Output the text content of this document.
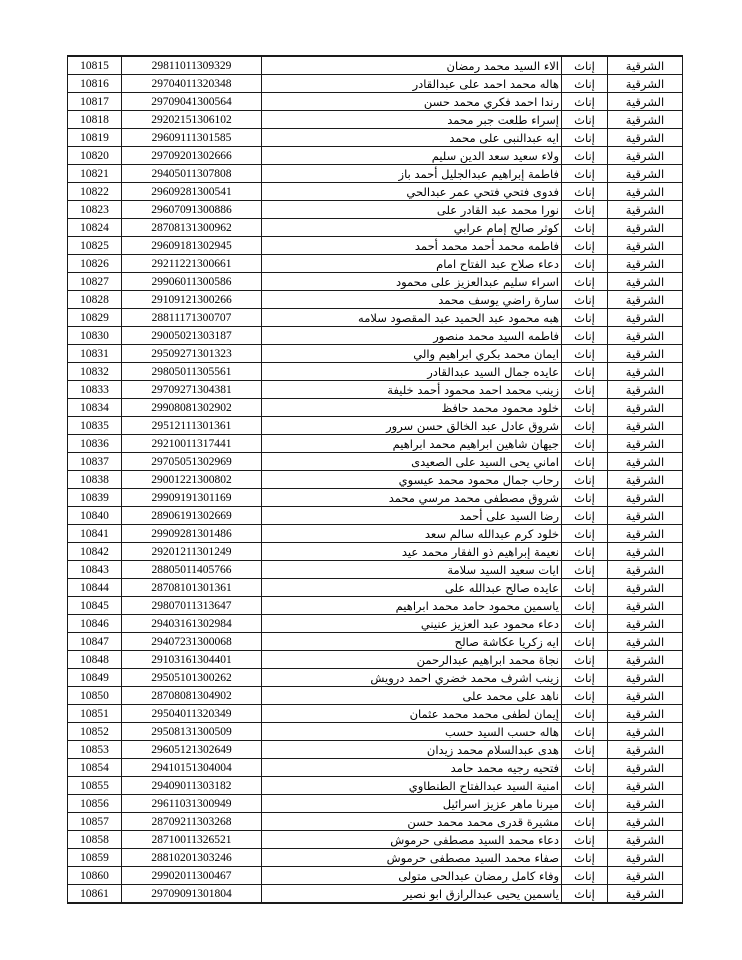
الشرقية	إناث	الاء السيد محمد رمضان	29811011309329	10815
الشرقية	إناث	هاله محمد احمد على عبدالقادر	29704011320348	10816
الشرقية	إناث	رندا احمد فكري محمد حسن	29709041300564	10817
الشرقية	إناث	إسراء طلعت جبر محمد	29202151306102	10818
الشرقية	إناث	ايه عبدالنبى على محمد	29609111301585	10819
الشرقية	إناث	ولاء سعيد سعد الدين سليم	29709201302666	10820
الشرقية	إناث	فاطمة إبراهيم عبدالجليل أحمد باز	29405011307808	10821
الشرقية	إناث	فدوى فتحي فتحي عمر عبدالحي	29609281300541	10822
الشرقية	إناث	نورا محمد عبد القادر على	29607091300886	10823
الشرقية	إناث	كوثر صالح إمام عرابي	28708131300962	10824
الشرقية	إناث	فاطمه محمد أحمد محمد أحمد	29609181302945	10825
الشرقية	إناث	دعاء صلاح عبد الفتاح امام	29211221300661	10826
الشرقية	إناث	اسراء سليم عبدالعزيز على محمود	29906011300586	10827
الشرقية	إناث	سارة راضي يوسف محمد	29109121300266	10828
الشرقية	إناث	هبه محمود عبد الحميد عبد المقصود سلامه	28811171300707	10829
الشرقية	إناث	فاطمه السيد محمد منصور	29005021303187	10830
الشرقية	إناث	ايمان محمد بكري ابراهيم والي	29509271301323	10831
الشرقية	إناث	عايده جمال السيد عبدالقادر	29805011305561	10832
الشرقية	إناث	زينب محمد احمد محمود أحمد خليفة	29709271304381	10833
الشرقية	إناث	خلود محمود محمد حافظ	29908081302902	10834
الشرقية	إناث	شروق عادل عبد الخالق حسن سرور	29512111301361	10835
الشرقية	إناث	جيهان شاهين ابراهيم محمد ابراهيم	29210011317441	10836
الشرقية	إناث	اماني يحى السيد على الصعيدى	29705051302969	10837
الشرقية	إناث	رحاب جمال محمود محمد عيسوي	29001221300802	10838
الشرقية	إناث	شروق مصطفى محمد مرسي محمد	29909191301169	10839
الشرقية	إناث	رضا السيد على أحمد	28906191302669	10840
الشرقية	إناث	خلود كرم عبدالله سالم سعد	29909281301486	10841
الشرقية	إناث	نعيمة إبراهيم ذو الفقار محمد عيد	29201211301249	10842
الشرقية	إناث	ايات سعيد السيد سلامة	28805011405766	10843
الشرقية	إناث	عايده صالح عبدالله على	28708101301361	10844
الشرقية	إناث	ياسمين محمود حامد محمد ابراهيم	29807011313647	10845
الشرقية	إناث	دعاء محمود عبد العزيز عنيني	29403161302984	10846
الشرقية	إناث	ايه زكريا عكاشة صالح	29407231300068	10847
الشرقية	إناث	نجاة محمد ابراهيم عبدالرحمن	29103161304401	10848
الشرقية	إناث	زينب اشرف محمد خضري احمد درويش	29505101300262	10849
الشرقية	إناث	ناهد على محمد على	28708081304902	10850
الشرقية	إناث	إيمان لطفى محمد محمد عثمان	29504011320349	10851
الشرقية	إناث	هاله حسب السيد حسب	29508131300509	10852
الشرقية	إناث	هدى عبدالسلام محمد زيدان	29605121302649	10853
الشرقية	إناث	فتحيه رجيه محمد حامد	29410151304004	10854
الشرقية	إناث	امنية السيد عبدالفتاح الطنطاوي	29409011303182	10855
الشرقية	إناث	ميرنا ماهر عزيز اسرائيل	29611031300949	10856
الشرقية	إناث	مشيرة قدرى محمد محمد حسن	28709211303268	10857
الشرقية	إناث	دعاء محمد السيد مصطفى حرموش	28710011326521	10858
الشرقية	إناث	صفاء محمد السيد مصطفى حرموش	28810201303246	10859
الشرقية	إناث	وفاء كامل رمضان عبدالحى متولى	29902011300467	10860
الشرقية	إناث	ياسمين يحيى عبدالرازق ابو نصير	29709091301804	10861
